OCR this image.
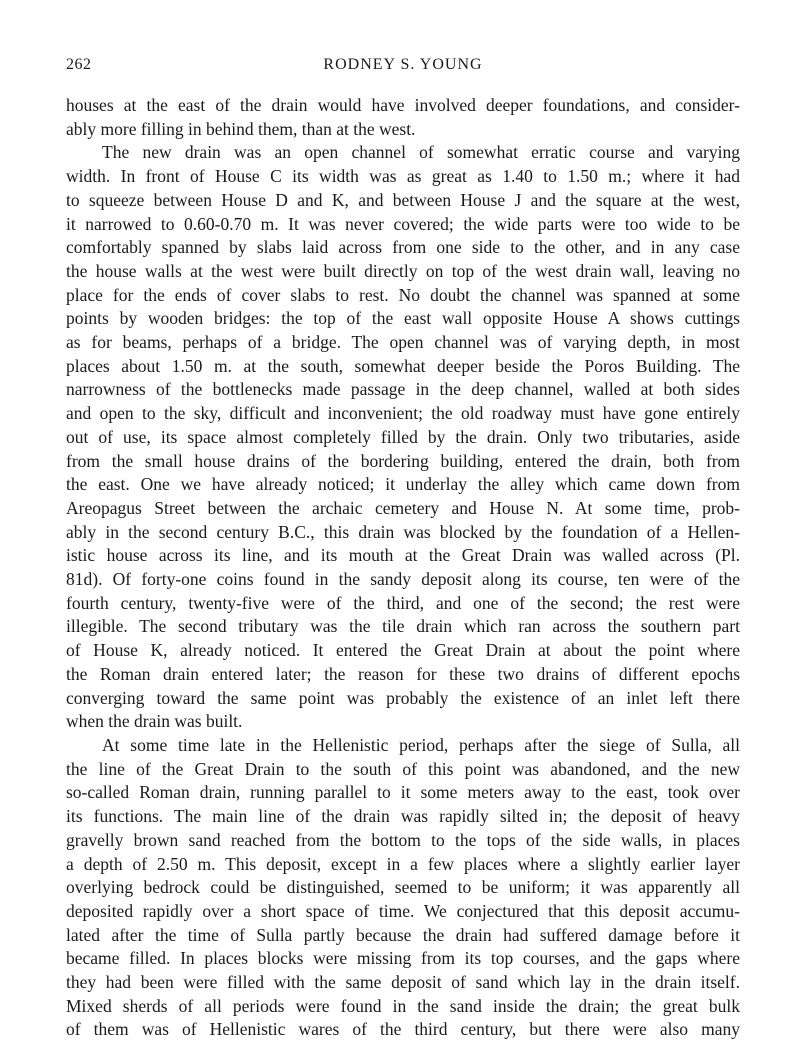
262	RODNEY S. YOUNG
houses at the east of the drain would have involved deeper foundations, and consider-
ably more filling in behind them, than at the west.
The new drain was an open channel of somewhat erratic course and varying
width. In front of House C its width was as great as 1.40 to 1.50 m.; where it had
to squeeze between House D and K, and between House J and the square at the west,
it narrowed to 0.60-0.70 m. It was never covered; the wide parts were too wide to be
comfortably spanned by slabs laid across from one side to the other, and in any case
the house walls at the west were built directly on top of the west drain wall, leaving no
place for the ends of cover slabs to rest. No doubt the channel was spanned at some
points by wooden bridges: the top of the east wall opposite House A shows cuttings
as for beams, perhaps of a bridge. The open channel was of varying depth, in most
places about 1.50 m. at the south, somewhat deeper beside the Poros Building. The
narrowness of the bottlenecks made passage in the deep channel, walled at both sides
and open to the sky, difficult and inconvenient; the old roadway must have gone entirely
out of use, its space almost completely filled by the drain. Only two tributaries, aside
from the small house drains of the bordering building, entered the drain, both from
the east. One we have already noticed; it underlay the alley which came down from
Areopagus Street between the archaic cemetery and House N. At some time, prob-
ably in the second century B.C., this drain was blocked by the foundation of a Hellen-
istic house across its line, and its mouth at the Great Drain was walled across (Pl.
81d). Of forty-one coins found in the sandy deposit along its course, ten were of the
fourth century, twenty-five were of the third, and one of the second; the rest were
illegible. The second tributary was the tile drain which ran across the southern part
of House K, already noticed. It entered the Great Drain at about the point where
the Roman drain entered later; the reason for these two drains of different epochs
converging toward the same point was probably the existence of an inlet left there
when the drain was built.
At some time late in the Hellenistic period, perhaps after the siege of Sulla, all
the line of the Great Drain to the south of this point was abandoned, and the new
so-called Roman drain, running parallel to it some meters away to the east, took over
its functions. The main line of the drain was rapidly silted in; the deposit of heavy
gravelly brown sand reached from the bottom to the tops of the side walls, in places
a depth of 2.50 m. This deposit, except in a few places where a slightly earlier layer
overlying bedrock could be distinguished, seemed to be uniform; it was apparently all
deposited rapidly over a short space of time. We conjectured that this deposit accumu-
lated after the time of Sulla partly because the drain had suffered damage before it
became filled. In places blocks were missing from its top courses, and the gaps where
they had been were filled with the same deposit of sand which lay in the drain itself.
Mixed sherds of all periods were found in the sand inside the drain; the great bulk
of them was of Hellenistic wares of the third century, but there were also many
